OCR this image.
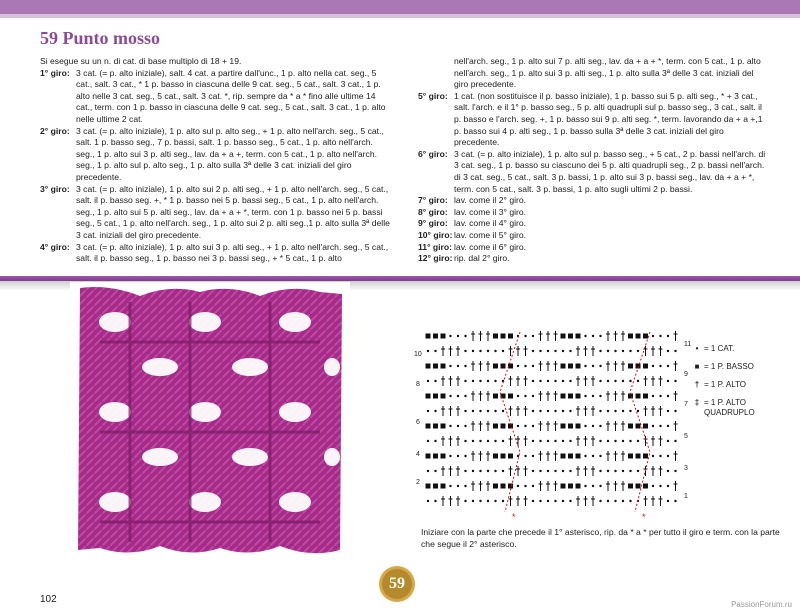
59 Punto mosso

Si esegue su un n. di cat. di base multiplo di 18 + 19.

1° giro: 3 cat. (= p. alto iniziale), salt. 4 cat. a partire dall'unc., 1 p. alto nella cat. seg., 5 cat., salt. 3 cat., * 1 p. basso in ciascuna delle 9 cat. seg., 5 cat., salt. 3 cat., 1 p. alto nelle 3 cat. seg., 5 cat., salt. 3 cat. *, rip. sempre da * a * fino alle ultime 14 cat., term. con 1 p. basso in ciascuna delle 9 cat. seg., 5 cat., salt. 3 cat., 1 p. alto nelle ultime 2 cat.
2° giro: 3 cat. (= p. alto iniziale), 1 p. alto sul p. alto seg., + 1 p. alto nell'arch. seg., 5 cat., salt. 1 p. basso seg., 7 p. bassi, salt. 1 p. basso seg., 5 cat., 1 p. alto nell'arch. seg., 1 p. alto sui 3 p. alti seg., lav. da + a +, term. con 5 cat., 1 p. alto nell'arch. seg., 1 p. alto sul p. alto seg., 1 p. alto sulla 3ª delle 3 cat. iniziali del giro precedente.
3° giro: 3 cat. (= p. alto iniziale), 1 p. alto sui 2 p. alti seg., + 1 p. alto nell'arch. seg., 5 cat., salt. il p. basso seg. +, * 1 p. basso nei 5 p. bassi seg., 5 cat., 1 p. alto nell'arch. seg., 1 p. alto sui 5 p. alti seg., lav. da + a + *, term. con 1 p. basso nei 5 p. bassi seg., 5 cat., 1 p. alto nell'arch. seg., 1 p. alto sui 2 p. alti seg.,1 p. alto sulla 3ª delle 3 cat. iniziali del giro precedente.
4° giro: 3 cat. (= p. alto iniziale), 1 p. alto sui 3 p. alti seg., + 1 p. alto nell'arch. seg., 5 cat., salt. il p. basso seg., 1 p. basso nei 3 p. bassi seg., + * 5 cat., 1 p. alto

nell'arch. seg., 1 p. alto sui 7 p. alti seg., lav. da + a + *, term. con 5 cat., 1 p. alto nell'arch. seg., 1 p. alto sui 3 p. alti seg., 1 p. alto sulla 3ª delle 3 cat. iniziali del giro precedente.

5° giro: 1 cat. (non sostituisce il p. basso iniziale), 1 p. basso sui 5 p. alti seg., * + 3 cat., salt. l'arch. e il 1° p. basso seg., 5 p. alti quadrupli sul p. basso seg., 3 cat., salt. il p. basso e l'arch. seg. +, 1 p. basso sui 9 p. alti seg. *, term. lavorando da + a +,1 p. basso sui 4 p. alti seg., 1 p. basso sulla 3ª delle 3 cat. iniziali del giro precedente.
6° giro: 3 cat. (= p. alto iniziale), 1 p. alto sul p. basso seg., + 5 cat., 2 p. bassi nell'arch. di 3 cat. seg., 1 p. basso su ciascuno dei 5 p. alti quadrupli seg., 2 p. bassi nell'arch. di 3 cat. seg., 5 cat., salt. 3 p. bassi, 1 p. alto sui 3 p. bassi seg., lav. da + a + *, term. con 5 cat., salt. 3 p. bassi, 1 p. alto sugli ultimi 2 p. bassi.
7° giro: lav. come il 2° giro.
8° giro: lav. come il 3° giro.
9° giro: lav. come il 4° giro.
10° giro: lav. come il 5° giro.
11° giro: lav. come il 6° giro.
12° giro: rip. dal 2° giro.
10
8
6
4
2
11
9
7
5
3
1
*	*
• = 1 CAT.
■ = 1 P. BASSO
† = 1 P. ALTO
‡ = 1 P. ALTO QUADRUPLO
Iniziare con la parte che precede il 1° asterisco, rip. da * a * per tutto il giro e term. con la parte che segue il 2° asterisco.
102
59
PassionForum.ru
